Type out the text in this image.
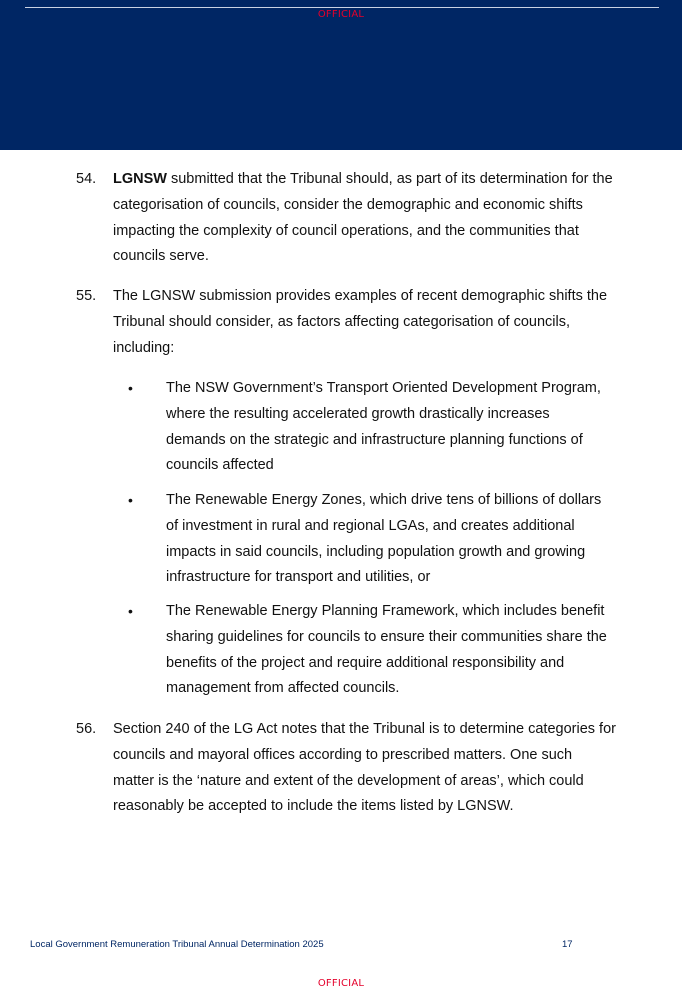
OFFICIAL
54.	LGNSW submitted that the Tribunal should, as part of its determination for the categorisation of councils, consider the demographic and economic shifts impacting the complexity of council operations, and the communities that councils serve.
55.	The LGNSW submission provides examples of recent demographic shifts the Tribunal should consider, as factors affecting categorisation of councils, including:
•	The NSW Government’s Transport Oriented Development Program, where the resulting accelerated growth drastically increases demands on the strategic and infrastructure planning functions of councils affected
•	The Renewable Energy Zones, which drive tens of billions of dollars of investment in rural and regional LGAs, and creates additional impacts in said councils, including population growth and growing infrastructure for transport and utilities, or
•	The Renewable Energy Planning Framework, which includes benefit sharing guidelines for councils to ensure their communities share the benefits of the project and require additional responsibility and management from affected councils.
56.	Section 240 of the LG Act notes that the Tribunal is to determine categories for councils and mayoral offices according to prescribed matters. One such matter is the ‘nature and extent of the development of areas’, which could reasonably be accepted to include the items listed by LGNSW.
Local Government Remuneration Tribunal Annual Determination 2025	17
OFFICIAL
